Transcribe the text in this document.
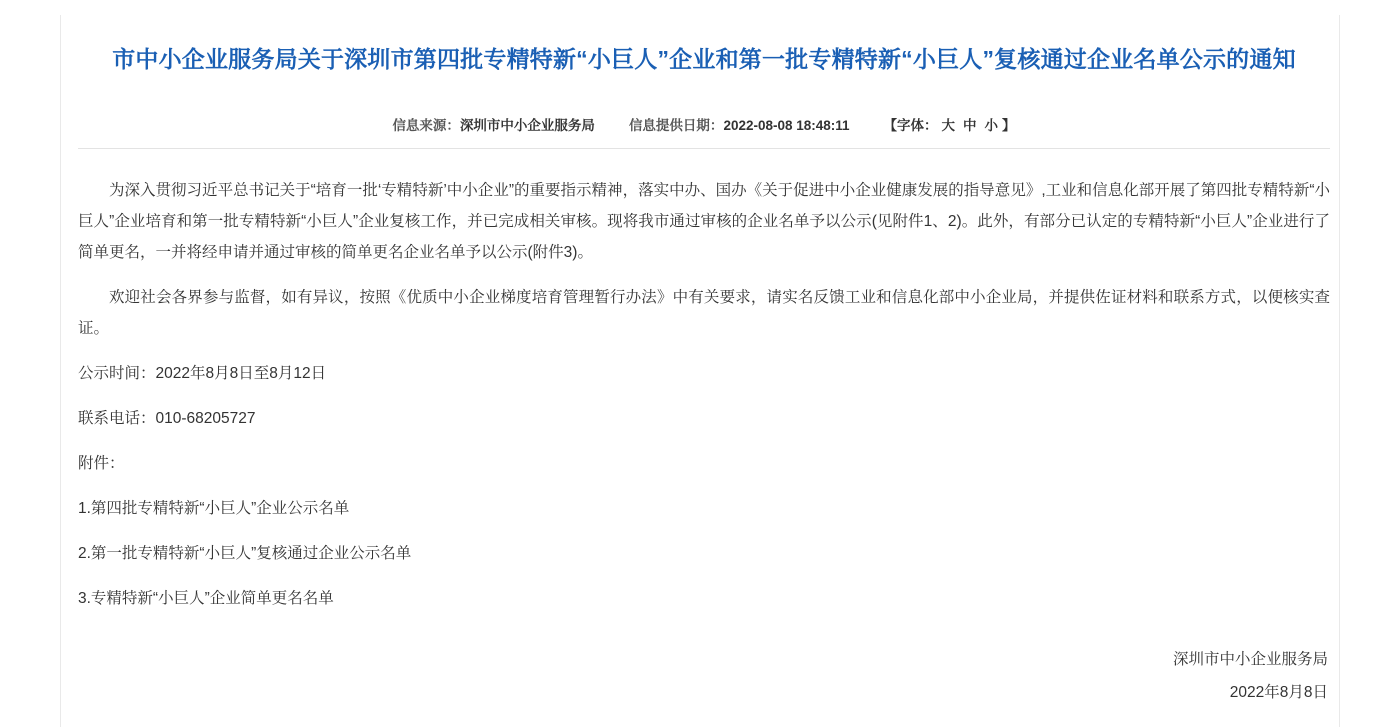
市中小企业服务局关于深圳市第四批专精特新“小巨人”企业和第一批专精特新“小巨人”复核通过企业名单公示的通知
信息来源：深圳市中小企业服务局	信息提供日期：2022-08-08 18:48:11	【字体： 大 中 小 】

为深入贯彻习近平总书记关于“培育一批‘专精特新’中小企业”的重要指示精神，落实中办、国办《关于促进中小企业健康发展的指导意见》,工业和信息化部开展了第四批专精特新“小巨人”企业培育和第一批专精特新“小巨人”企业复核工作，并已完成相关审核。现将我市通过审核的企业名单予以公示(见附件1、2)。此外，有部分已认定的专精特新“小巨人”企业进行了简单更名，一并将经申请并通过审核的简单更名企业名单予以公示(附件3)。

欢迎社会各界参与监督，如有异议，按照《优质中小企业梯度培育管理暂行办法》中有关要求，请实名反馈工业和信息化部中小企业局，并提供佐证材料和联系方式，以便核实查证。

公示时间：2022年8月8日至8月12日

联系电话：010-68205727

附件：

1.第四批专精特新“小巨人”企业公示名单

2.第一批专精特新“小巨人”复核通过企业公示名单

3.专精特新“小巨人”企业简单更名名单

深圳市中小企业服务局
2022年8月8日
